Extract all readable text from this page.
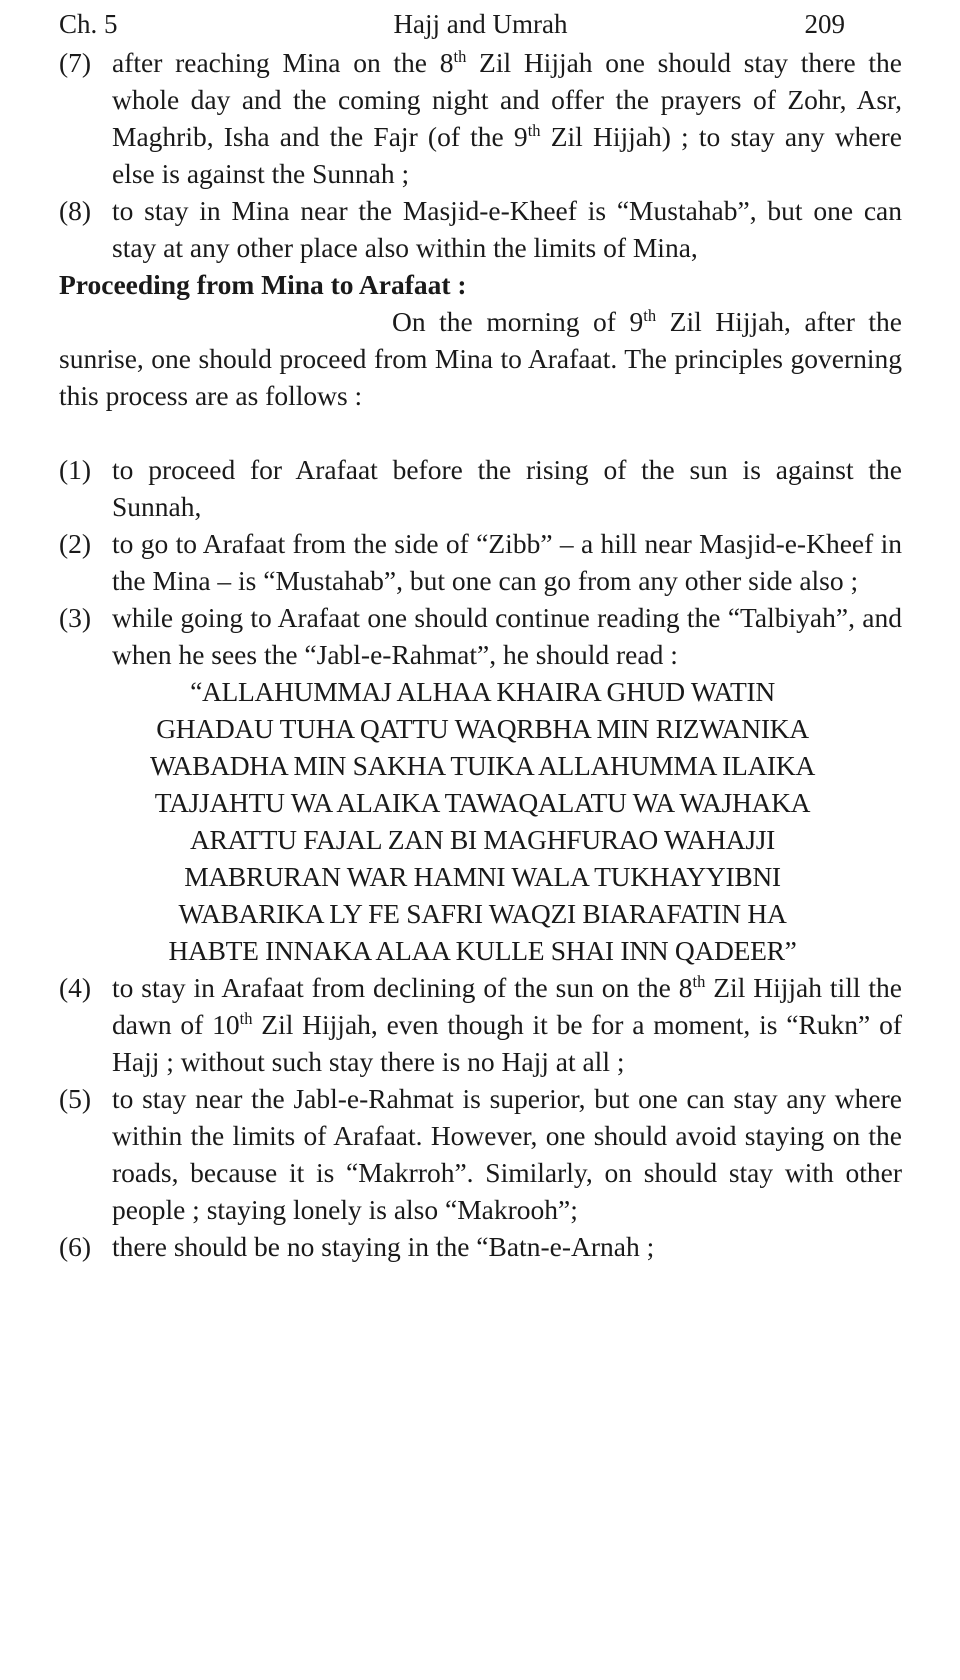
Hajj and Umrah
Ch. 5	209
(7) after reaching Mina on the 8th Zil Hijjah one should stay there the whole day and the coming night and offer the prayers of Zohr, Asr, Maghrib, Isha and the Fajr (of the 9th Zil Hijjah) ; to stay any where else is against the Sunnah ;
(8) to stay in Mina near the Masjid-e-Kheef is “Mustahab”, but one can stay at any other place also within the limits of Mina,
Proceeding from Mina to Arafaat :
On the morning of 9th Zil Hijjah, after the sunrise, one should proceed from Mina to Arafaat. The principles governing this process are as follows :
(1) to proceed for Arafaat before the rising of the sun is against the Sunnah,
(2) to go to Arafaat from the side of “Zibb” – a hill near Masjid-e-Kheef in the Mina – is “Mustahab”, but one can go from any other side also ;
(3) while going to Arafaat one should continue reading the “Talbiyah”, and when he sees the “Jabl-e-Rahmat”, he should read :
“ALLAHUMMAJ ALHAA KHAIRA GHUD WATIN
GHADAU TUHA QATTU WAQRBHA MIN RIZWANIKA
WABADHA MIN SAKHA TUIKA ALLAHUMMA ILAIKA
TAJJAHTU WA ALAIKA TAWAQALATU WA WAJHAKA
ARATTU FAJAL ZAN BI MAGHFURAO WAHAJJI
MABRURAN WAR HAMNI WALA TUKHAYYIBNI
WABARIKA LY FE SAFRI WAQZI BIARAFATIN HA
HABTE INNAKA ALAA KULLE SHAI INN QADEER”
(4) to stay in Arafaat from declining of the sun on the 8th Zil Hijjah till the dawn of 10th Zil Hijjah, even though it be for a moment, is “Rukn” of Hajj ; without such stay there is no Hajj at all ;
(5) to stay near the Jabl-e-Rahmat is superior, but one can stay any where within the limits of Arafaat. However, one should avoid staying on the roads, because it is “Makrroh”. Similarly, on should stay with other people ; staying lonely is also “Makrooh”;
(6) there should be no staying in the “Batn-e-Arnah ;
